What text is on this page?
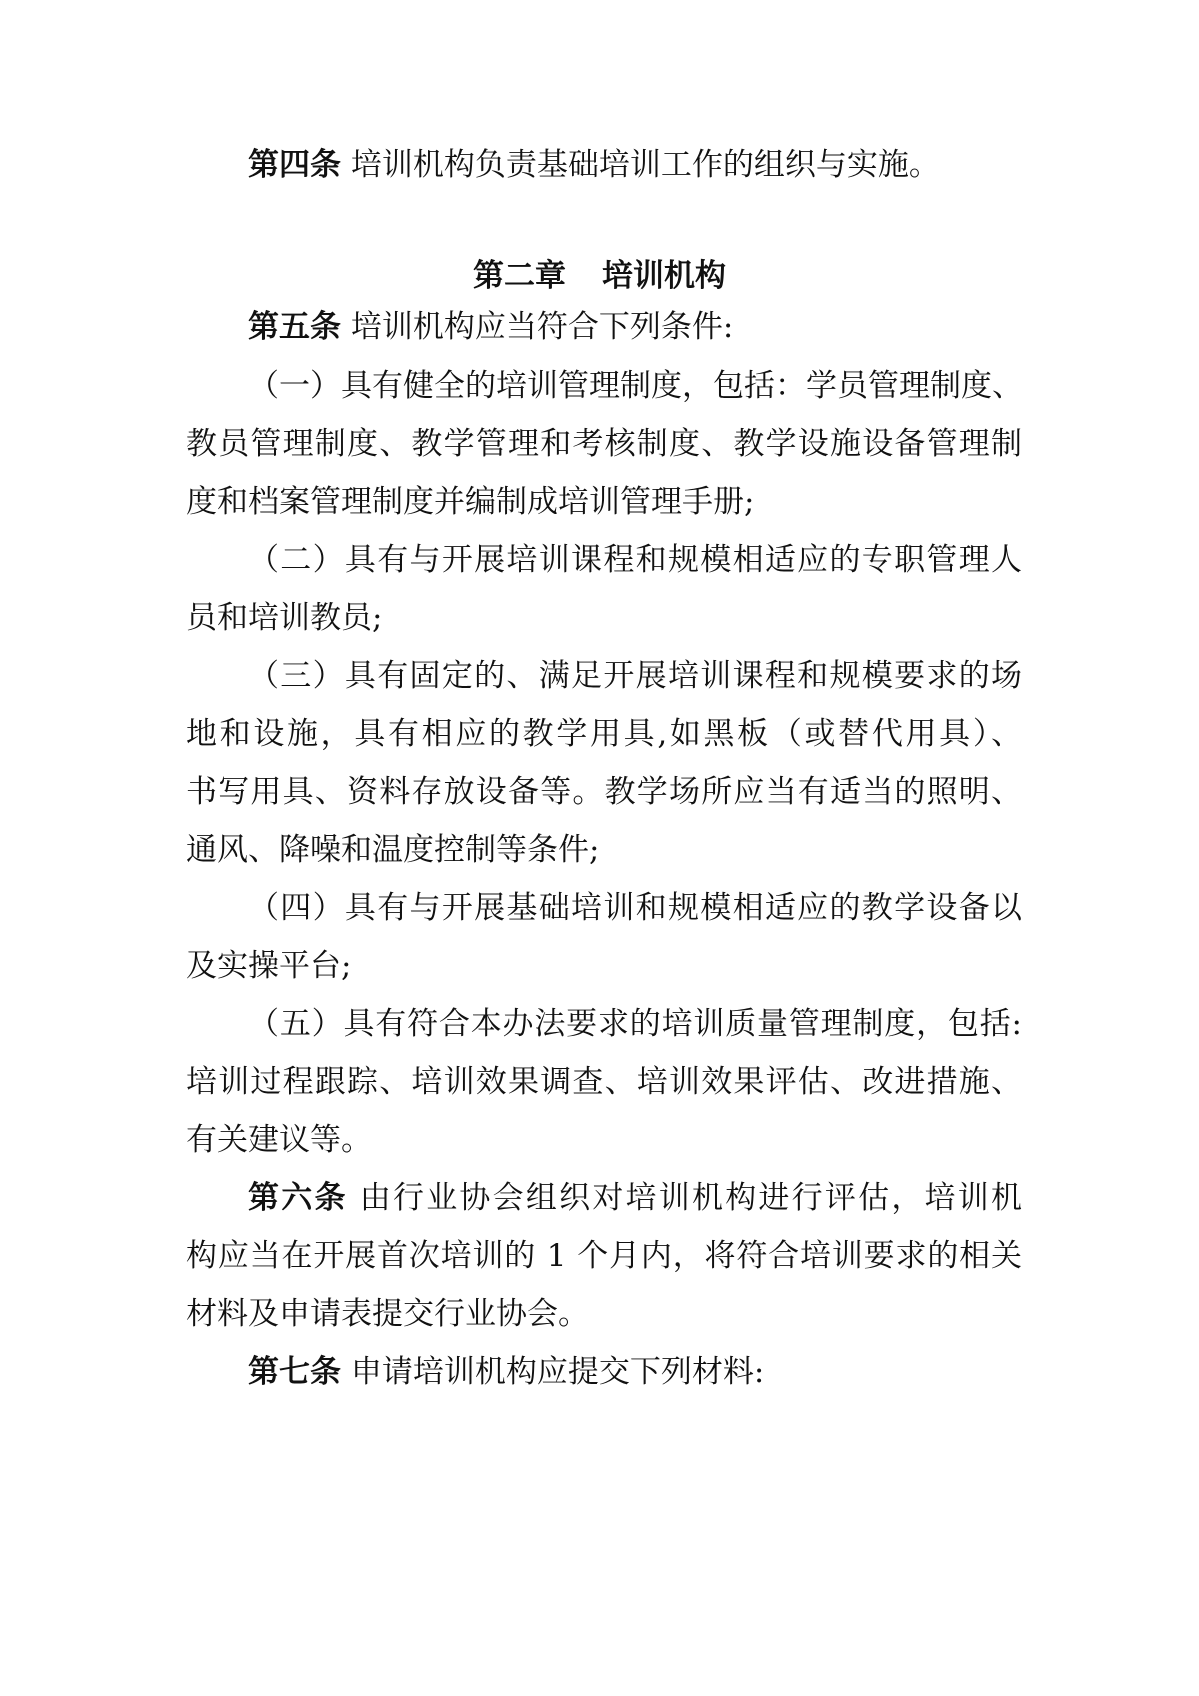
第四条 培训机构负责基础培训工作的组织与实施。
第二章 培训机构
第五条 培训机构应当符合下列条件:
（一）具有健全的培训管理制度，包括：学员管理制度、
教员管理制度、教学管理和考核制度、教学设施设备管理制
度和档案管理制度并编制成培训管理手册;
（二）具有与开展培训课程和规模相适应的专职管理人
员和培训教员;
（三）具有固定的、满足开展培训课程和规模要求的场
地和设施，具有相应的教学用具,如黑板（或替代用具）、
书写用具、资料存放设备等。教学场所应当有适当的照明、
通风、降噪和温度控制等条件;
（四）具有与开展基础培训和规模相适应的教学设备以
及实操平台;
（五）具有符合本办法要求的培训质量管理制度，包括:
培训过程跟踪、培训效果调查、培训效果评估、改进措施、
有关建议等。
第六条 由行业协会组织对培训机构进行评估，培训机
构应当在开展首次培训的 1 个月内，将符合培训要求的相关
材料及申请表提交行业协会。
第七条 申请培训机构应提交下列材料:
